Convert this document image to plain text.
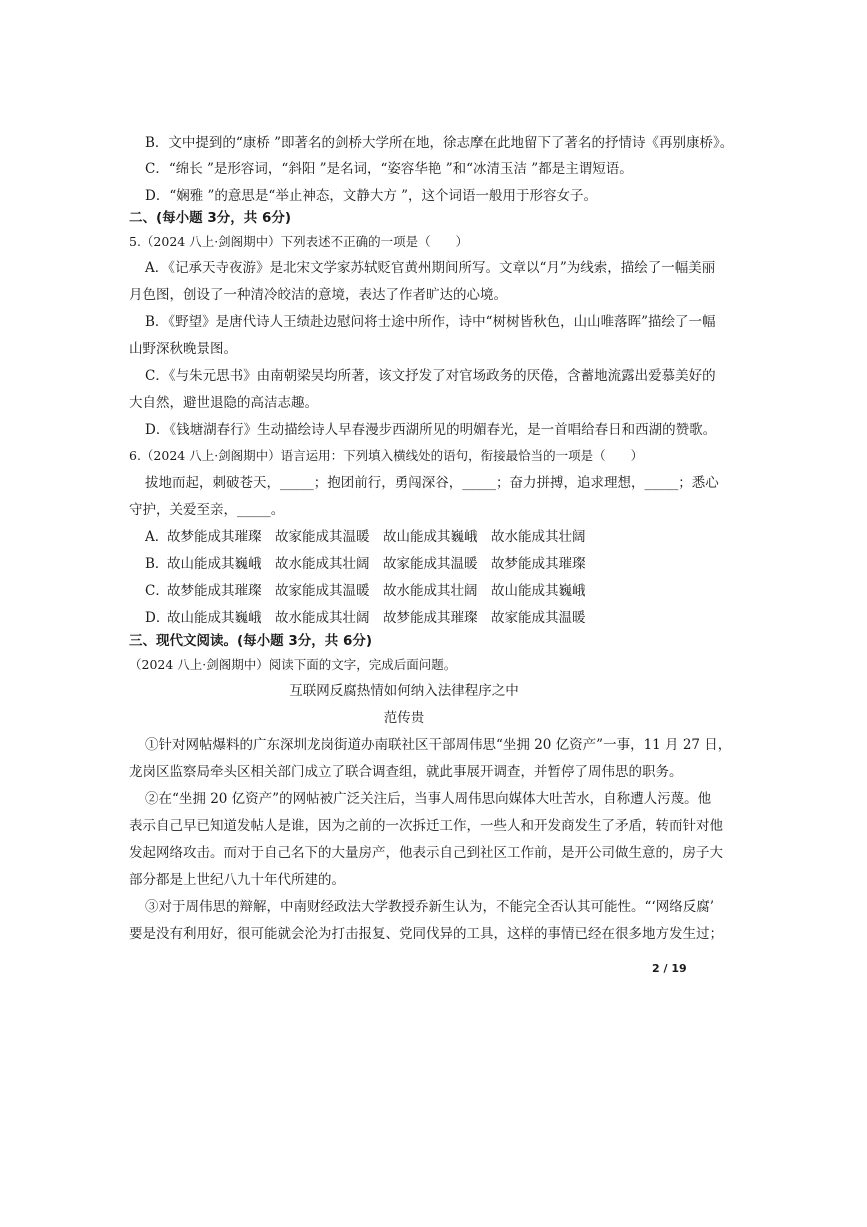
B．文中提到的“康桥 ”即著名的剑桥大学所在地，徐志摩在此地留下了著名的抒情诗《再别康桥》。
C．“绵长 ”是形容词，“斜阳 ”是名词，“姿容华艳 ”和“冰清玉洁 ”都是主谓短语。
D．“娴雅 ”的意思是“举止神态，文静大方 ”，这个词语一般用于形容女子。
二、(每小题 3分，共 6分)
5.（2024 八上·剑阁期中）下列表述不正确的一项是（　　）
A．《记承天寺夜游》是北宋文学家苏轼贬官黄州期间所写。文章以“月”为线索，描绘了一幅美丽
月色图，创设了一种清冷皎洁的意境，表达了作者旷达的心境。
B．《野望》是唐代诗人王绩赴边慰问将士途中所作，诗中“树树皆秋色，山山唯落晖”描绘了一幅
山野深秋晚景图。
C．《与朱元思书》由南朝梁吴均所著，该文抒发了对官场政务的厌倦，含蓄地流露出爱慕美好的
大自然，避世退隐的高洁志趣。
D．《钱塘湖春行》生动描绘诗人早春漫步西湖所见的明媚春光，是一首唱给春日和西湖的赞歌。
6.（2024 八上·剑阁期中）语言运用：下列填入横线处的语句，衔接最恰当的一项是（　　）
拔地而起，刺破苍天，_____；抱团前行，勇闯深谷，_____；奋力拼搏，追求理想，_____；悉心
守护，关爱至亲，_____。
A．故梦能成其璀璨 故家能成其温暖 故山能成其巍峨 故水能成其壮阔
B．故山能成其巍峨 故水能成其壮阔 故家能成其温暖 故梦能成其璀璨
C．故梦能成其璀璨 故家能成其温暖 故水能成其壮阔 故山能成其巍峨
D．故山能成其巍峨 故水能成其壮阔 故梦能成其璀璨 故家能成其温暖
三、现代文阅读。(每小题 3分，共 6分)
（2024 八上·剑阁期中）阅读下面的文字，完成后面问题。
互联网反腐热情如何纳入法律程序之中
范传贵
①针对网帖爆料的广东深圳龙岗街道办南联社区干部周伟思“坐拥 20 亿资产”一事，11 月 27 日，
龙岗区监察局牵头区相关部门成立了联合调查组，就此事展开调查，并暂停了周伟思的职务。
②在“坐拥 20 亿资产”的网帖被广泛关注后，当事人周伟思向媒体大吐苦水，自称遭人污蔑。他
表示自己早已知道发帖人是谁，因为之前的一次拆迁工作，一些人和开发商发生了矛盾，转而针对他
发起网络攻击。而对于自己名下的大量房产，他表示自己到社区工作前，是开公司做生意的，房子大
部分都是上世纪八九十年代所建的。
③对于周伟思的辩解，中南财经政法大学教授乔新生认为，不能完全否认其可能性。“‘网络反腐’
要是没有利用好，很可能就会沦为打击报复、党同伐异的工具，这样的事情已经在很多地方发生过；
2 / 19
